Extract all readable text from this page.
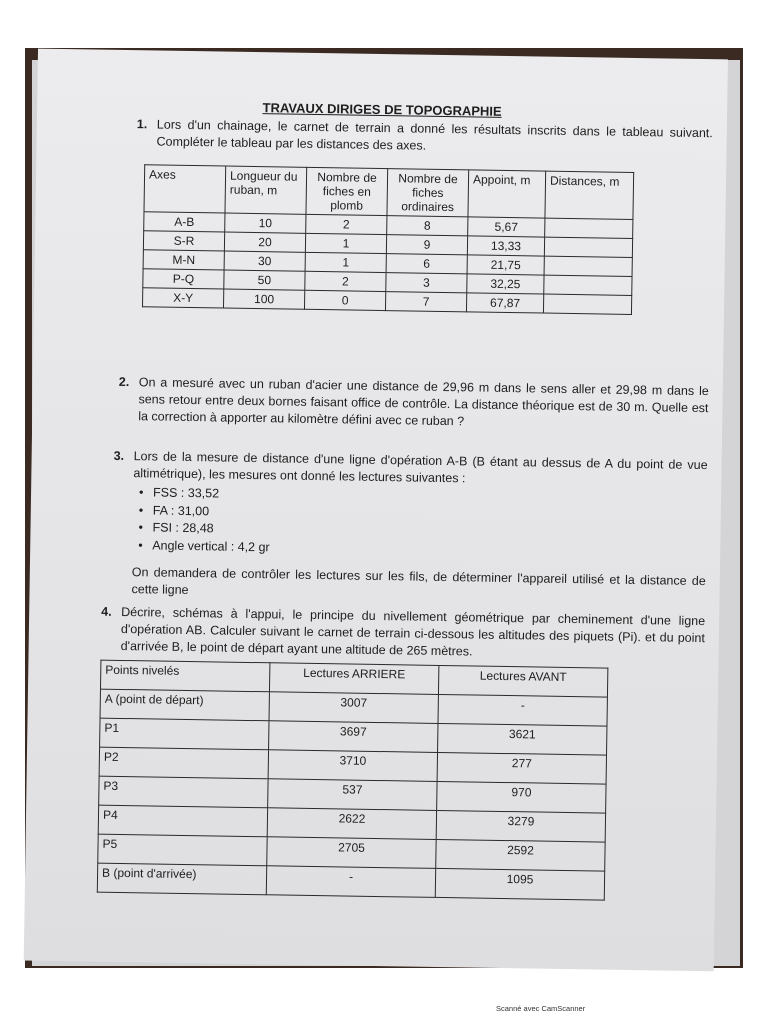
TRAVAUX DIRIGES DE TOPOGRAPHIE
1. Lors d'un chainage, le carnet de terrain a donné les résultats inscrits dans le tableau suivant. Compléter le tableau par les distances des axes.
Axes	Longueur du ruban, m	Nombre de fiches en plomb	Nombre de fiches ordinaires	Appoint, m	Distances, m
A-B	10	2	8	5,67	
S-R	20	1	9	13,33	
M-N	30	1	6	21,75	
P-Q	50	2	3	32,25	
X-Y	100	0	7	67,87	
2. On a mesuré avec un ruban d'acier une distance de 29,96 m dans le sens aller et 29,98 m dans le sens retour entre deux bornes faisant office de contrôle. La distance théorique est de 30 m. Quelle est la correction à apporter au kilomètre défini avec ce ruban ?
3. Lors de la mesure de distance d'une ligne d'opération A-B (B étant au dessus de A du point de vue altimétrique), les mesures ont donné les lectures suivantes :
• FSS : 33,52
• FA : 31,00
• FSI : 28,48
• Angle vertical : 4,2 gr
On demandera de contrôler les lectures sur les fils, de déterminer l'appareil utilisé et la distance de cette ligne
4. Décrire, schémas à l'appui, le principe du nivellement géométrique par cheminement d'une ligne d'opération AB. Calculer suivant le carnet de terrain ci-dessous les altitudes des piquets (Pi). et du point d'arrivée B, le point de départ ayant une altitude de 265 mètres.
Points nivelés	Lectures ARRIERE	Lectures AVANT
A (point de départ)	3007	-
P1	3697	3621
P2	3710	277
P3	537	970
P4	2622	3279
P5	2705	2592
B (point d'arrivée)	-	1095
Scanné avec CamScanner
